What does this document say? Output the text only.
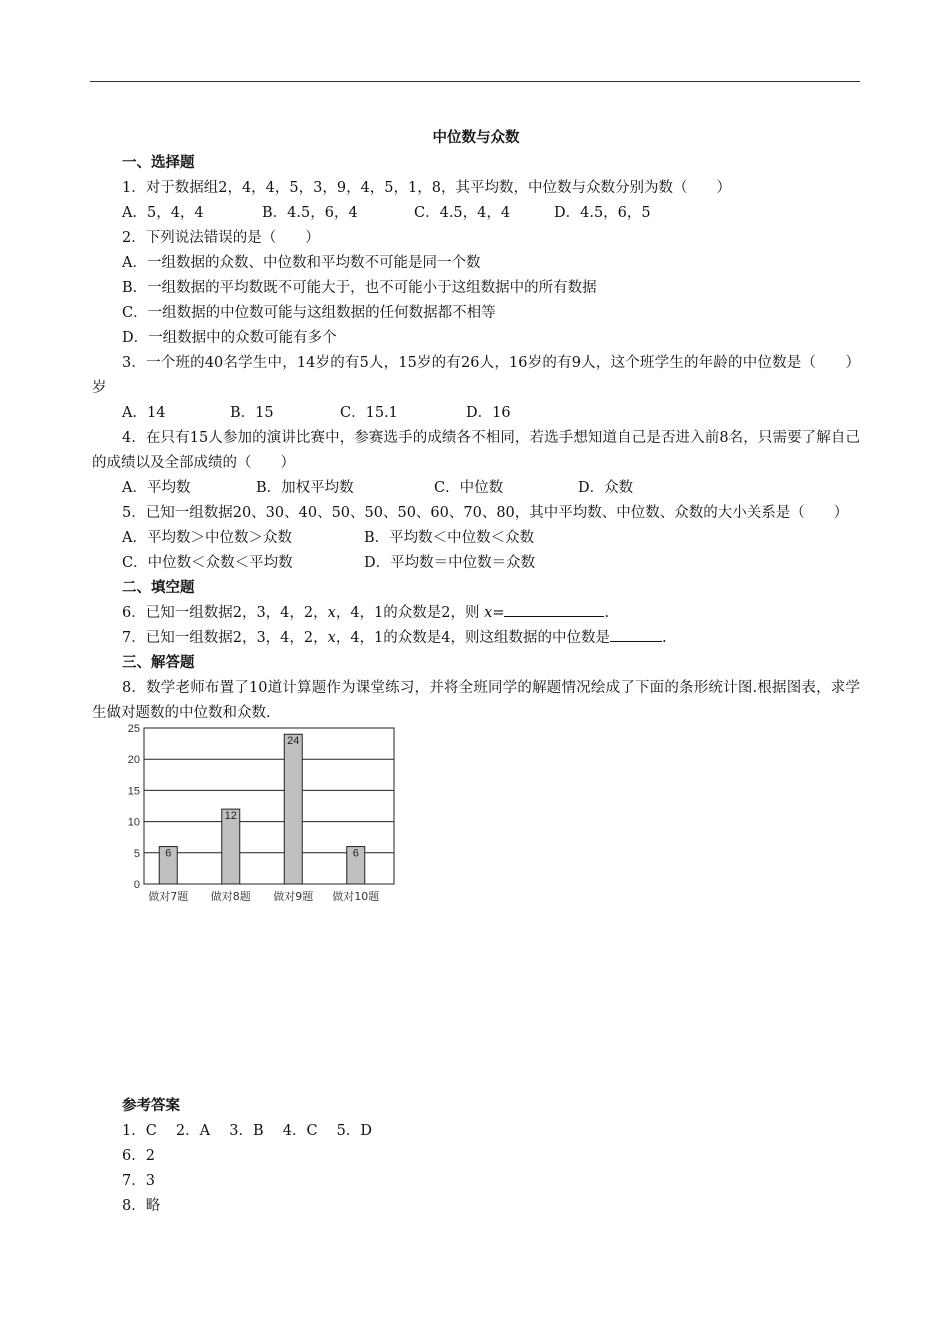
中位数与众数
一、选择题
1．对于数据组2，4，4，5，3，9，4，5，1，8，其平均数，中位数与众数分别为数（　　）
A．5，4，4	B．4.5，6，4	C．4.5，4，4	D．4.5，6，5
2．下列说法错误的是（　　）
A．一组数据的众数、中位数和平均数不可能是同一个数
B．一组数据的平均数既不可能大于，也不可能小于这组数据中的所有数据
C．一组数据的中位数可能与这组数据的任何数据都不相等
D．一组数据中的众数可能有多个
3．一个班的40名学生中，14岁的有5人，15岁的有26人，16岁的有9人，这个班学生的年龄的中位数是（　　）岁
A．14	B．15	C．15.1	D．16
4．在只有15人参加的演讲比赛中，参赛选手的成绩各不相同，若选手想知道自己是否进入前8名，只需要了解自己的成绩以及全部成绩的（　　）
A．平均数	B．加权平均数	C．中位数	D．众数
5．已知一组数据20、30、40、50、50、50、60、70、80，其中平均数、中位数、众数的大小关系是（　　）
A．平均数＞中位数＞众数	B．平均数＜中位数＜众数
C．中位数＜众数＜平均数	D．平均数＝中位数＝众数
二、填空题
6．已知一组数据2，3，4，2，x，4，1的众数是2，则 x=	.
7．已知一组数据2，3，4，2，x，4，1的众数是4，则这组数据的中位数是	.
三、解答题
8．数学老师布置了10道计算题作为课堂练习，并将全班同学的解题情况绘成了下面的条形统计图.根据图表，求学生做对题数的中位数和众数.
0
5
10
15
20
25
6
做对7题
12
做对8题
24
做对9题
6
做对10题
参考答案
1．C　 2．A　 3．B　 4．C　 5．D
6．2
7．3
8．略
